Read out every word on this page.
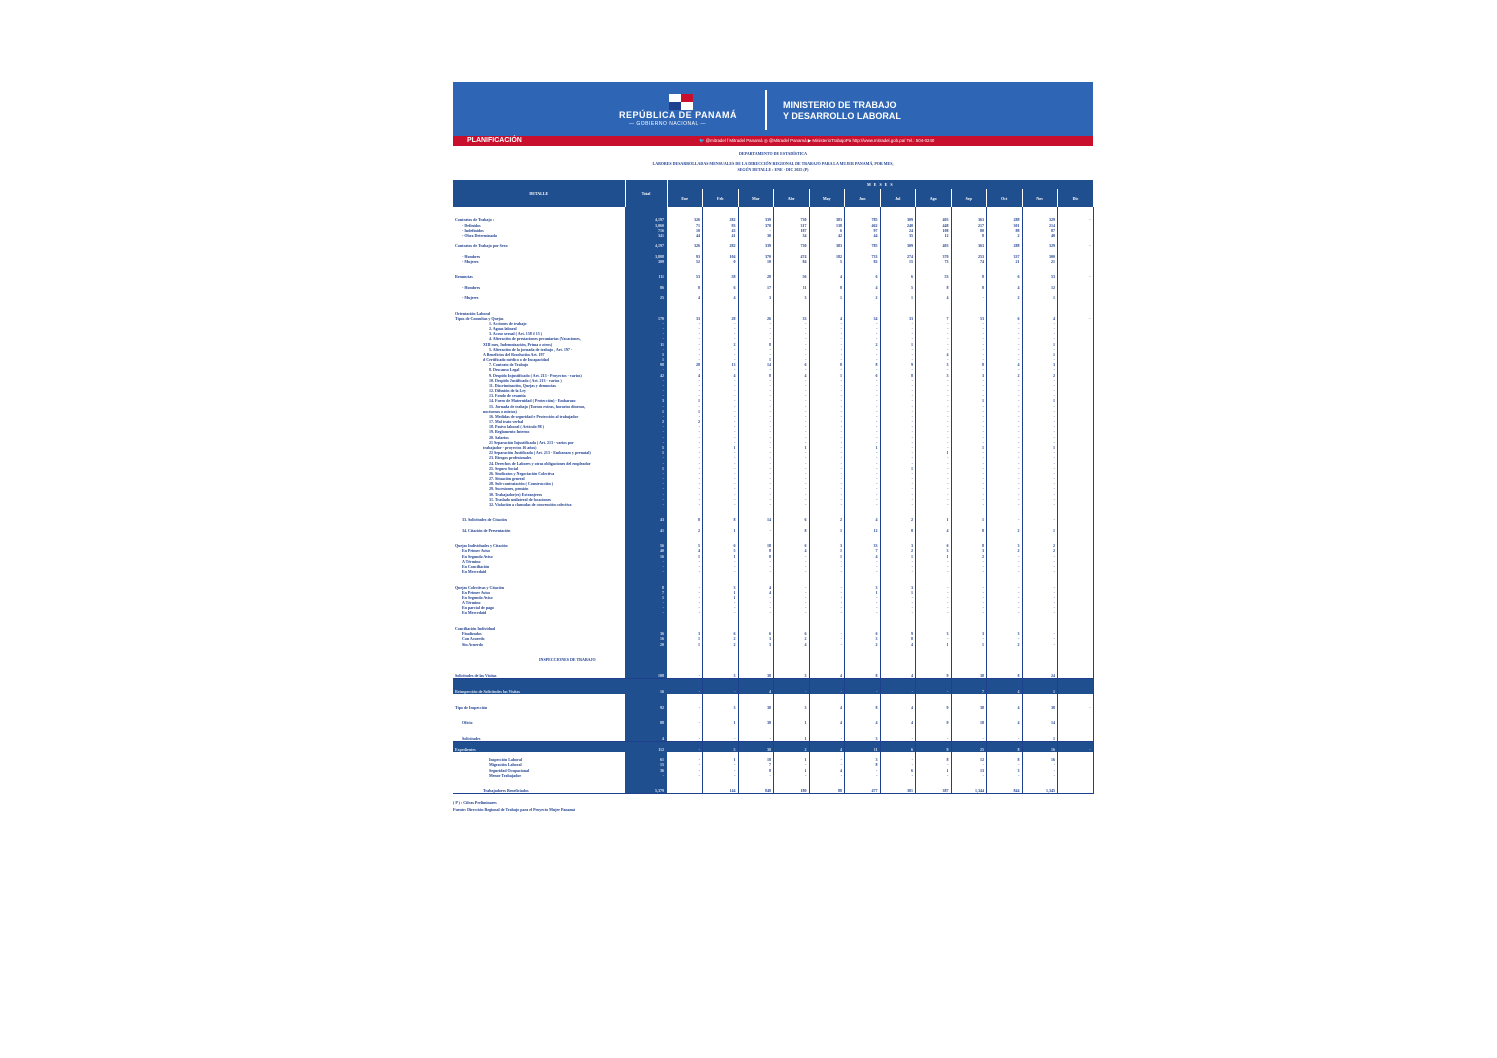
REPÚBLICA DE PANAMÁ
— GOBIERNO NACIONAL —
MINISTERIO DE TRABAJO
Y DESARROLLO LABORAL
PLANIFICACIÓN	🐦 @mitradel f Mitradel Panamá ◎ @Mitradel Panamá ▶ MinisterioTrabajoPa http://www.mitradel.gob.pa/ Tel.: 504-0240
DEPARTAMENTO DE ESTADÍSTICA
LABORES DESARROLLADAS MENSUALES DE LA DIRECCIÓN REGIONAL DE TRABAJO PARA LA MUJER PANAMÁ, POR MES,
SEGÚN DETALLE : ENE - DIC 2025 (P)
DETALLE	Total	M E S E S											
		Ene	Feb	Mar	Abr	May	Jun	Jul	Ago	Sep	Oct	Nov	Dic

Contratos de Trabajo :	4,197	326	282	339	730	383	785	309	403	363	288	329	-
- Definidos	3,060	71	93	370	317	138	462	240	448	217	301	214	
- Indefinidos	716	10	43	-	187	6	97	24	108	80	88	87	
- Obra Determinada	341	44	41	30	34	42	44	35	12	8	2	40	

Contratos de Trabajo por Sexo	4,197	326	282	339	730	383	785	309	403	363	288	329	-

- Hombres	3,808	93	104	370	474	182	733	274	370	253	337	300	
- Mujeres	309	52	0	10	84	5	82	15	73	74	21	21	

Renuncias	111	53	58	28	56	4	6	6	53	8	6	53	-

- Hombres	86	8	6	17	11	8	4	5	8	8	4	12	

- Mujeres	25	4	4	3	3	1	2	1	4	-	2	1	

Orientación Laboral													
Tipos de Consultas y Quejas	170	33	28	26	33	4	34	33	7	53	6	4	-
1. Acciones de trabajo	-	-	-	-	-	-	-	-	-	-	-	-	
2. Aguas laboral	-	-	-	-	-	-	-	-	-	-	-	-	
3. Acoso sexual ( Art. 138 # 15 )	-	-	-	-	-	-	-	-	-	-	-	-	
4. Alteración de prestaciones pecuniarias (Vacaciones,	-	-	-	-	-	-	-	-	-	-	-	-	
XIII mes, Indemnización, Prima o otros)	11	-	2	8	-	-	2	1	-	-	-	1	
5. Alteración de la jornada de trabajo , Art. 197 -	-	-	-	-	-	-	-	-	-	-	-	-	
A Beneficios del Resolución Art. 197	5	-	-	-	-	-	-	-	4	-	-	1	
d Certificado médico o de Incapacidad	1	-	-	1	-	-	-	-	-	-	-	-	
7. Contrato de Trabajo	98	28	13	14	6	8	8	9	3	8	4	3	
8. Descanso Legal	-	-	-	-	-	-	-	-	-	-	-	-	
9. Despido Injustificado ( Art. 213 - Proyectos - varios)	42	4	4	8	4	1	6	8	3	3	2	2	
10. Despido Justificado ( Art. 213 - varios )	-	-	-	-	-	-	-	-	-	-	-	-	
11. Discriminación, Quejas y denuncias	-	-	-	-	-	-	-	-	-	-	-	-	
12. Difusión de la Ley	-	-	-	-	-	-	-	-	-	-	-	-	
13. Fondo de cesantía	-	-	-	-	-	-	-	-	-	-	-	-	
14. Fuero de Maternidad ( Protección) - Embarazo	3	1	-	-	-	-	-	-	-	1	-	1	
15. Jornada de trabajo (Turnos extras, horarios diurnos,	-	-	-	-	-	-	-	-	-	-	-	-	
nocturnos o mixtos)	1	1	-	-	-	-	-	-	-	-	-	-	
16. Medidas de seguridad e Protección al trabajador	-	-	-	-	-	-	-	-	-	-	-	-	
17. Mal trato verbal	2	2	-	-	-	-	-	-	-	-	-	-	
18. Pasivo laboral ( Artículo 98 )	-	-	-	-	-	-	-	-	-	-	-	-	
19. Reglamento Interno	-	-	-	-	-	-	-	-	-	-	-	-	
20. Salarios	-	-	-	-	-	-	-	-	-	-	-	-	
21 Separación Injustificada ( Art. 213 - varios por	-	-	-	-	-	-	-	-	-	-	-	-	
trabajador - proyectos 16 años)	5	-	1	-	1	-	1	-	-	1	-	1	
22 Separación Justificada ( Art. 213 - Embarazo y prenatal)	1	-	-	-	-	-	-	-	1	-	-	-	
23. Riesgos profesionales	-	-	-	-	-	-	-	-	-	-	-	-	
24. Derechos de Labores y otras obligaciones del empleador	-	-	-	-	-	-	-	-	-	-	-	-	
25. Seguro Social	1	-	-	-	-	-	-	1	-	-	-	-	
26. Sindicatos y Negociación Colectiva	-	-	-	-	-	-	-	-	-	-	-	-	
27. Situación general	-	-	-	-	-	-	-	-	-	-	-	-	
28. Sub-contratación ( Construcción )	-	-	-	-	-	-	-	-	-	-	-	-	
29. Sucesiones, pensión	-	-	-	-	-	-	-	-	-	-	-	-	
30. Trabajador(es) Extranjeros	-	-	-	-	-	-	-	-	-	-	-	-	
31. Traslado unilateral de locaciones	-	-	-	-	-	-	-	-	-	-	-	-	
32. Violación a clausulas de convención colectiva	-	-	-	-	-	-	-	-	-	-	-	-	

33. Solicitudes de Citación	43	8	8	14	6	2	4	2	1	1	-	-	

34. Citación de Presentación	41	2	1	-	8	1	12	8	4	8	2	1	

Quejas Individuales y Citación	56	5	6	18	6	3	33	3	6	8	3	2	
En Primer Aviso	40	4	5	8	4	1	7	2	3	3	2	2	
En Segundo Aviso	16	1	1	8	-	1	4	1	1	2	-	-	
A Término	-	-	-	-	-	-	-	-	-	-	-	-	
En Conciliación	-	-	-	-	-	-	-	-	-	-	-	-	
En Mercedaid	-	-	-	-	-	-	-	-	-	-	-	-	

Quejas Colectivas y Citación	8	-	3	4	-	-	3	3	-	-	-	-	
En Primer Aviso	7	-	1	4	-	-	1	1	-	-	-	-	
En Segundo Aviso	1	-	1	-	-	-	-	-	-	-	-	-	
A Término	-	-	-	-	-	-	-	-	-	-	-	-	
En parcial de pago	-	-	-	-	-	-	-	-	-	-	-	-	
En Mercedaid	-	-	-	-	-	-	-	-	-	-	-	-	

Conciliación Individual													
Finalizados	36	3	6	6	6	-	6	9	3	3	3	-	
Con Acuerdo	16	1	2	3	2	-	3	8	-	-	-	-	
Sin Acuerdo	20	1	2	3	4	-	2	4	1	1	2	-	

INSPECCIONES DE TRABAJO													

Solicitudes de las Visitas	108	-	3	38	3	4	8	4	9	38	8	24	

Reinspección de Solicitudes las Visitas	16	-	-	4	-	-	-	-	-	7	4	1	

Tipo de Inspección	92	-	3	38	3	4	8	4	9	38	4	38	-

Oficio	88	-	1	38	1	4	4	4	9	18	4	14	

Solicitudes	4	-	-	-	1	-	3	-	-	-	-	1	

Expedientes	112	-	5	30	2	4	11	6	9	25	8	16	-

Inspección Laboral	61	-	1	18	1	-	3	-	8	12	8	16	
Migración Laboral	15	-	-	7	-	-	8	-	-	-	-	-	
Seguridad Ocupacional	36	-	-	8	1	4	-	6	1	13	3	-	
Menor Trabajador	-	-	-	-	-	-	-	-	-	-	-	-	

Trabajadores Beneficiados	5,379		144	848	180	88	477	381	387	1,344	844	1,345	
( P ) : Cifras Preliminares
Fuente: Dirección Regional de Trabajo para el Proyecto Mujer Panamá
